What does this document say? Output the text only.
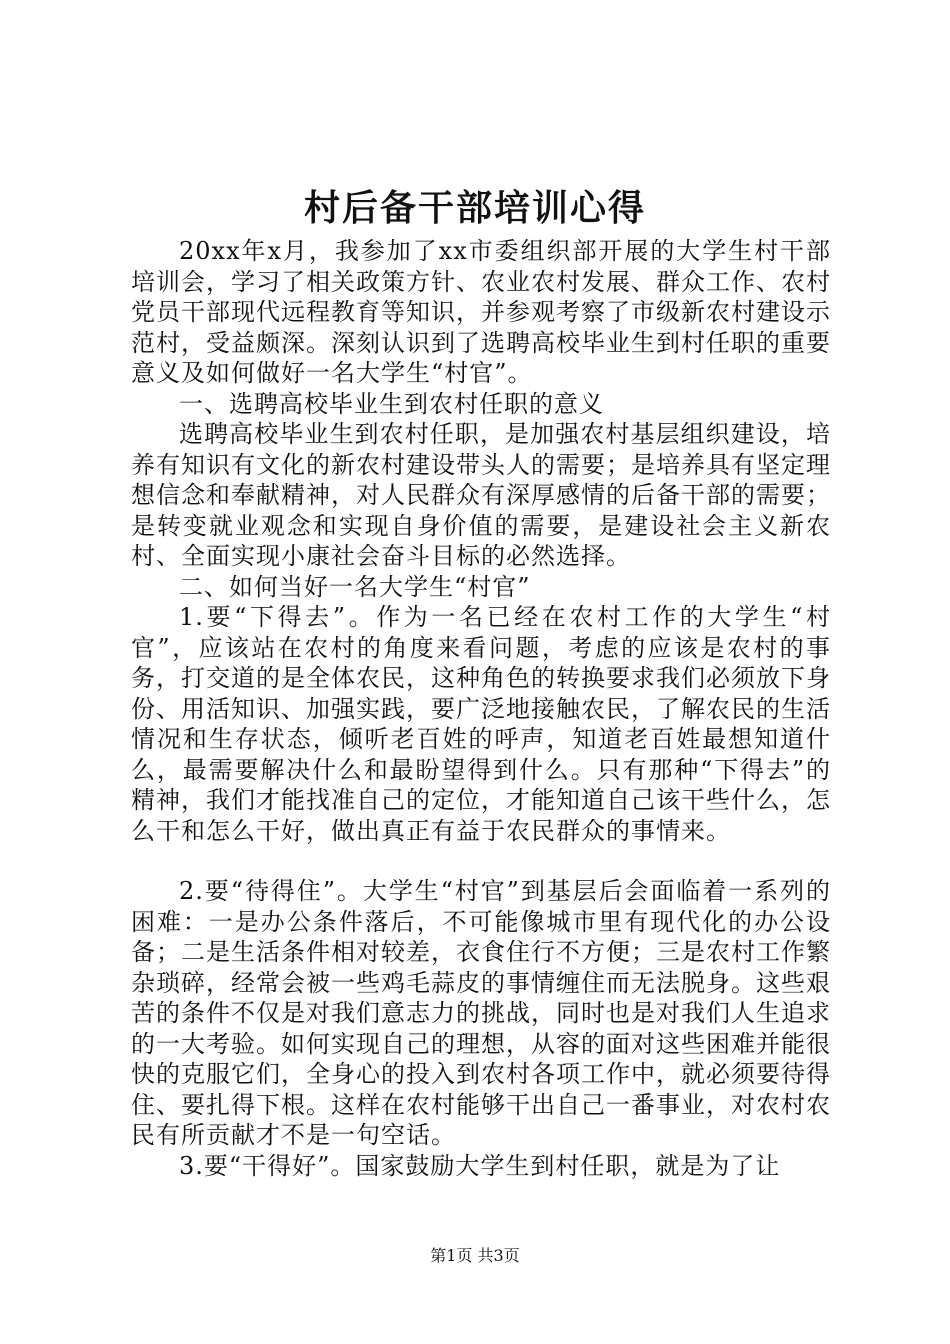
村后备干部培训心得

20xx年x月，我参加了xx市委组织部开展的大学生村干部培训会，学习了相关政策方针、农业农村发展、群众工作、农村党员干部现代远程教育等知识，并参观考察了市级新农村建设示范村，受益颇深。深刻认识到了选聘高校毕业生到村任职的重要意义及如何做好一名大学生“村官”。

一、选聘高校毕业生到农村任职的意义

选聘高校毕业生到农村任职，是加强农村基层组织建设，培养有知识有文化的新农村建设带头人的需要；是培养具有坚定理想信念和奉献精神，对人民群众有深厚感情的后备干部的需要；是转变就业观念和实现自身价值的需要，是建设社会主义新农村、全面实现小康社会奋斗目标的必然选择。

二、如何当好一名大学生“村官”

1.要“下得去”。作为一名已经在农村工作的大学生“村官”，应该站在农村的角度来看问题，考虑的应该是农村的事务，打交道的是全体农民，这种角色的转换要求我们必须放下身份、用活知识、加强实践，要广泛地接触农民，了解农民的生活情况和生存状态，倾听老百姓的呼声，知道老百姓最想知道什么，最需要解决什么和最盼望得到什么。只有那种“下得去”的精神，我们才能找准自己的定位，才能知道自己该干些什么，怎么干和怎么干好，做出真正有益于农民群众的事情来。

2.要“待得住”。大学生“村官”到基层后会面临着一系列的困难：一是办公条件落后，不可能像城市里有现代化的办公设备；二是生活条件相对较差，衣食住行不方便；三是农村工作繁杂琐碎，经常会被一些鸡毛蒜皮的事情缠住而无法脱身。这些艰苦的条件不仅是对我们意志力的挑战，同时也是对我们人生追求的一大考验。如何实现自己的理想，从容的面对这些困难并能很快的克服它们，全身心的投入到农村各项工作中，就必须要待得住、要扎得下根。这样在农村能够干出自己一番事业，对农村农民有所贡献才不是一句空话。

3.要“干得好”。国家鼓励大学生到村任职，就是为了让

第1页 共3页
